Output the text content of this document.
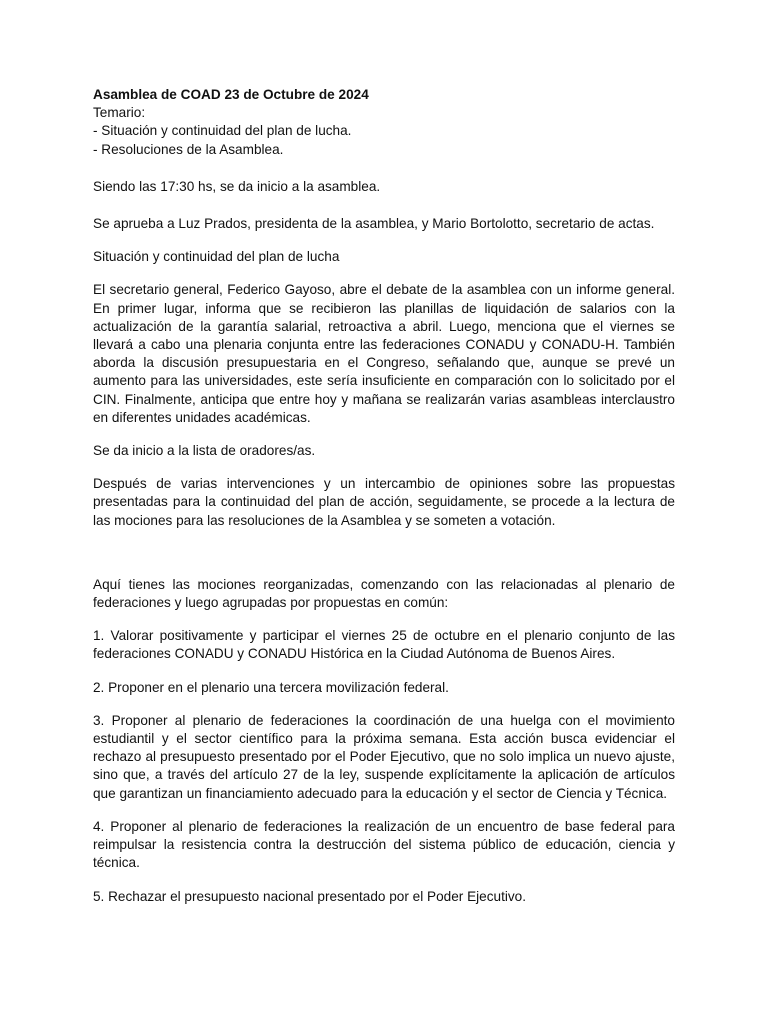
Asamblea de COAD 23 de Octubre de 2024
Temario:
- Situación y continuidad del plan de lucha.
- Resoluciones de la Asamblea.

Siendo las 17:30 hs, se da inicio a la asamblea.

Se aprueba a Luz Prados, presidenta de la asamblea, y Mario Bortolotto, secretario de actas.

Situación y continuidad del plan de lucha

El secretario general, Federico Gayoso, abre el debate de la asamblea con un informe general. En primer lugar, informa que se recibieron las planillas de liquidación de salarios con la actualización de la garantía salarial, retroactiva a abril. Luego, menciona que el viernes se llevará a cabo una plenaria conjunta entre las federaciones CONADU y CONADU-H. También aborda la discusión presupuestaria en el Congreso, señalando que, aunque se prevé un aumento para las universidades, este sería insuficiente en comparación con lo solicitado por el CIN. Finalmente, anticipa que entre hoy y mañana se realizarán varias asambleas interclaustro en diferentes unidades académicas.

Se da inicio a la lista de oradores/as.

Después de varias intervenciones y un intercambio de opiniones sobre las propuestas presentadas para la continuidad del plan de acción, seguidamente, se procede a la lectura de las mociones para las resoluciones de la Asamblea y se someten a votación.

Aquí tienes las mociones reorganizadas, comenzando con las relacionadas al plenario de federaciones y luego agrupadas por propuestas en común:

1. Valorar positivamente y participar el viernes 25 de octubre en el plenario conjunto de las federaciones CONADU y CONADU Histórica en la Ciudad Autónoma de Buenos Aires.

2. Proponer en el plenario una tercera movilización federal.

3. Proponer al plenario de federaciones la coordinación de una huelga con el movimiento estudiantil y el sector científico para la próxima semana. Esta acción busca evidenciar el rechazo al presupuesto presentado por el Poder Ejecutivo, que no solo implica un nuevo ajuste, sino que, a través del artículo 27 de la ley, suspende explícitamente la aplicación de artículos que garantizan un financiamiento adecuado para la educación y el sector de Ciencia y Técnica.

4. Proponer al plenario de federaciones la realización de un encuentro de base federal para reimpulsar la resistencia contra la destrucción del sistema público de educación, ciencia y técnica.

5. Rechazar el presupuesto nacional presentado por el Poder Ejecutivo.
